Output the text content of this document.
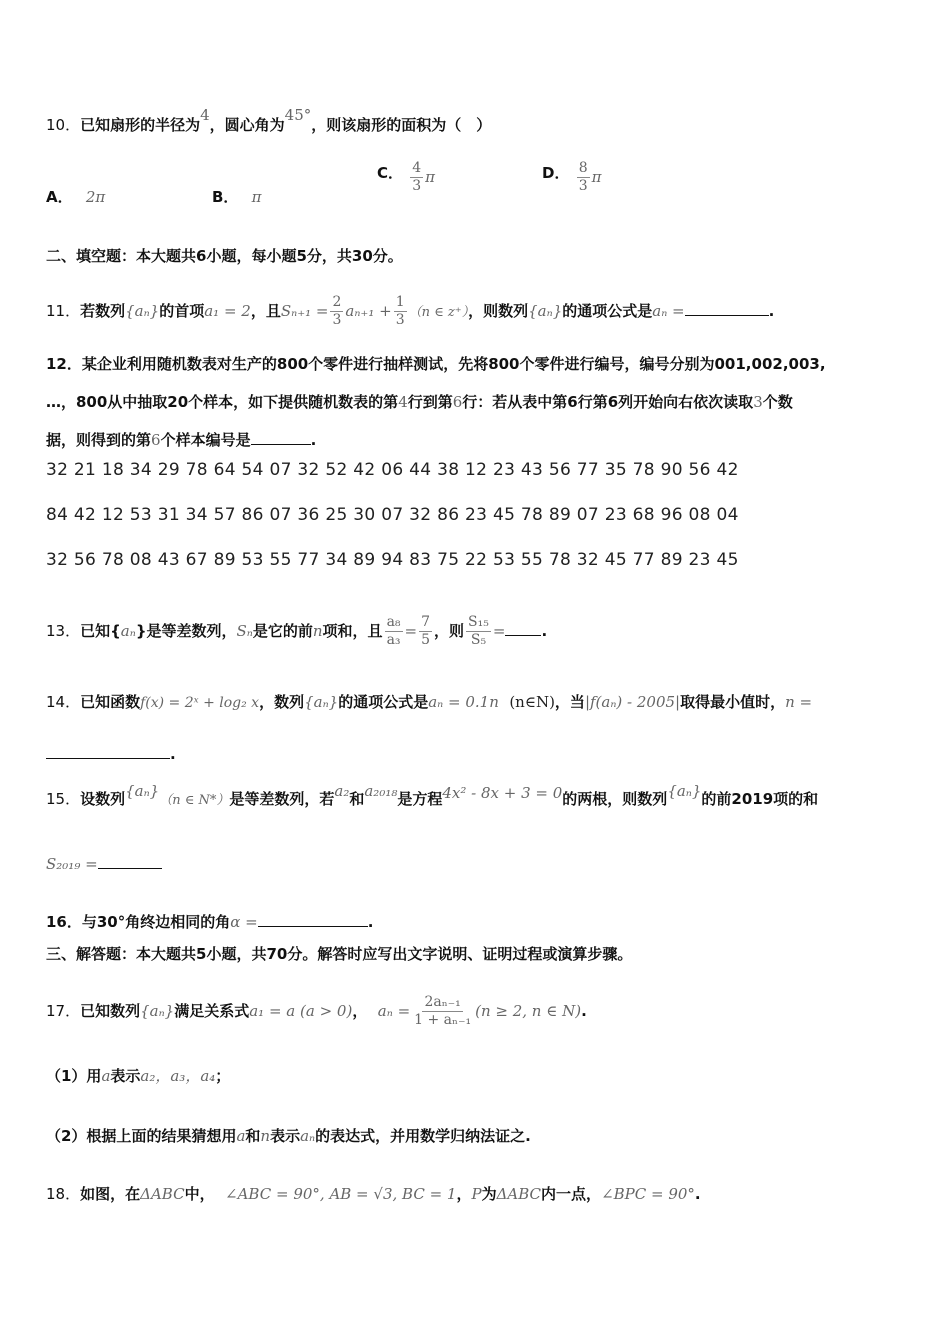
10．已知扇形的半径为4，圆心角为45°，则该扇形的面积为（　）
A． 2π	B． π
C． $\frac{4}{3}$ π	D． $\frac{8}{3}$ π
二、填空题：本大题共6小题，每小题5分，共30分。
11．若数列{aₙ}的首项a₁ = 2，且$S_{n+1} = \frac{2}{3} a_{n+1} + \frac{1}{3} (n$ ∈ z⁺），则数列{aₙ}的通项公式是aₙ =	.
12．某企业利用随机数表对生产的800个零件进行抽样测试，先将800个零件进行编号，编号分别为001,002,003,
…，800从中抽取20个样本，如下提供随机数表的第4行到第6行：若从表中第6行第6列开始向右依次读取3个数
据，则得到的第6个样本编号是	.
32 21 18 34 29 78 64 54 07 32 52 42 06 44 38 12 23 43 56 77 35 78 90 56 42
84 42 12 53 31 34 57 86 07 36 25 30 07 32 86 23 45 78 89 07 23 68 96 08 04
32 56 78 08 43 67 89 53 55 77 34 89 94 83 75 22 53 55 78 32 45 77 89 23 45
13．已知{aₙ}是等差数列，Sₙ是它的前n项和，且 $\frac{\text{a₈}}{\text{a₃}} = \frac{7}{5}$ ，则 $\frac{\text{S₁₅}}{\text{S₅}}$ = .
14．已知函数f(x) = 2ˣ + log₂ x，数列{aₙ}的通项公式是aₙ = 0.1n (n∈N)，当|f(aₙ) - 2005|取得最小值时，n =
.
15．设数列{aₙ}（n ∈ N*）是等差数列，若a₂和a₂₀₁₈是方程4x² - 8x + 3 = 0的两根，则数列{aₙ}的前2019项的和
S₂₀₁₉ =
16．与30°角终边相同的角α =	.
三、解答题：本大题共5小题，共70分。解答时应写出文字说明、证明过程或演算步骤。
17．已知数列{aₙ}满足关系式a₁ = a (a > 0)， $a_n = \frac{\text{2aₙ₋₁}}{\text{1 + aₙ₋₁}} (n \ge 2$, n ∈ N).
（1）用a表示a₂，a₃，a₄；
（2）根据上面的结果猜想用a和n表示aₙ的表达式，并用数学归纳法证之.
18．如图，在ΔABC中， ∠ABC = 90°, AB = √3, BC = 1，P为ΔABC内一点，∠BPC = 90°.
